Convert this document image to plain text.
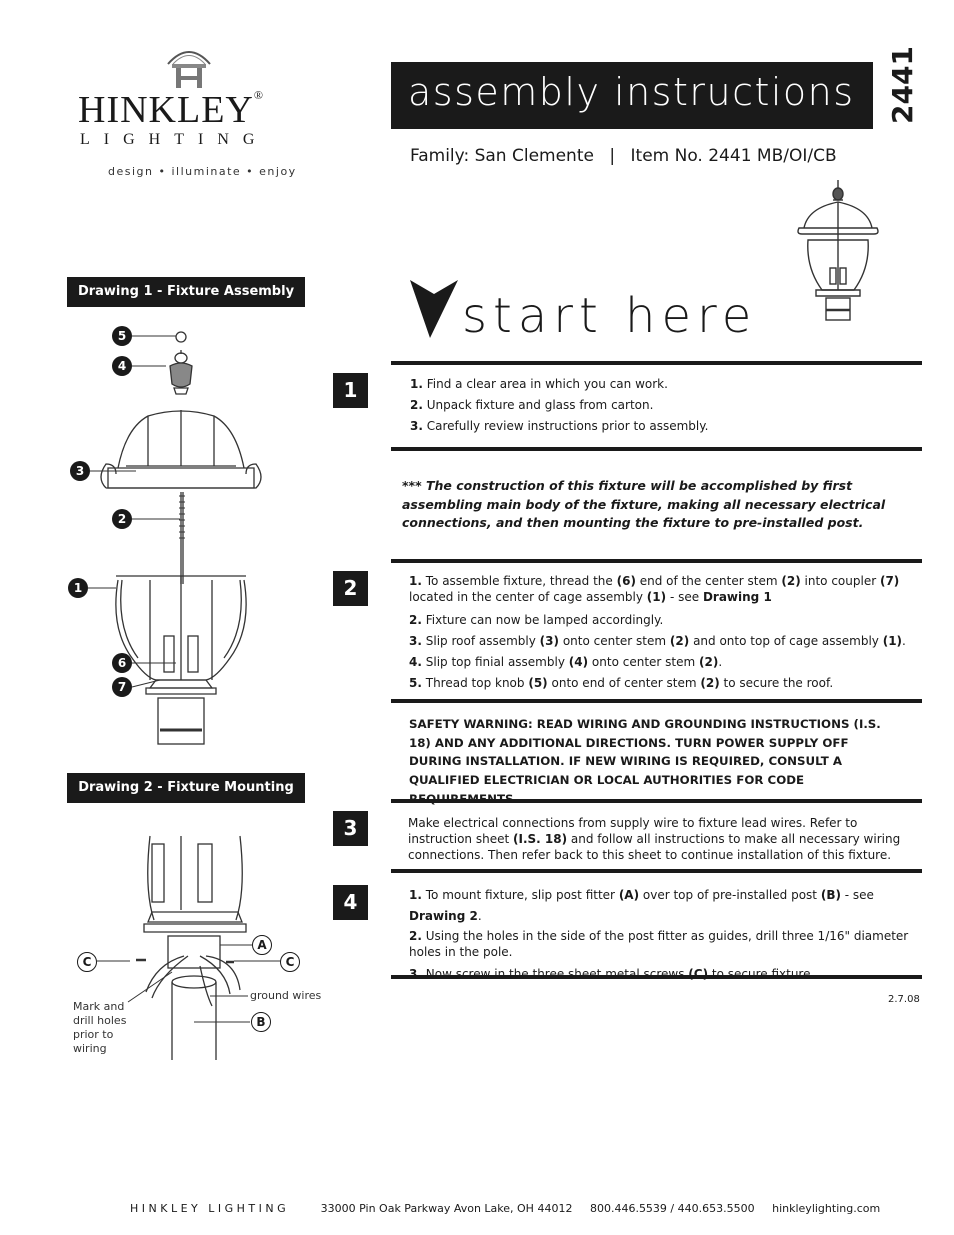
HINKLEY®
LIGHTING
design • illuminate • enjoy
assembly instructions 2441
Family: San Clemente | Item No. 2441 MB/OI/CB
start here
Drawing 1 - Fixture Assembly
5
4
3
2
1
6
7
Drawing 2 - Fixture Mounting
A
C	C
B
ground wires
Mark and
drill holes
prior to
wiring
1	1. Find a clear area in which you can work.
2. Unpack fixture and glass from carton.
3. Carefully review instructions prior to assembly.
*** The construction of this fixture will be accomplished by first assembling main body of the fixture, making all necessary electrical connections, and then mounting the fixture to pre-installed post.
2	1. To assemble fixture, thread the (6) end of the center stem (2) into coupler (7) located in the center of cage assembly (1) - see Drawing 1
2. Fixture can now be lamped accordingly.
3. Slip roof assembly (3) onto center stem (2) and onto top of cage assembly (1).
4. Slip top finial assembly (4) onto center stem (2).
5. Thread top knob (5) onto end of center stem (2) to secure the roof.
SAFETY WARNING: READ WIRING AND GROUNDING INSTRUCTIONS (I.S. 18) AND ANY ADDITIONAL DIRECTIONS. TURN POWER SUPPLY OFF DURING INSTALLATION. IF NEW WIRING IS REQUIRED, CONSULT A QUALIFIED ELECTRICIAN OR LOCAL AUTHORITIES FOR CODE REQUIREMENTS.
3	Make electrical connections from supply wire to fixture lead wires. Refer to instruction sheet (I.S. 18) and follow all instructions to make all necessary wiring connections. Then refer back to this sheet to continue installation of this fixture.
4	1. To mount fixture, slip post fitter (A) over top of pre-installed post (B) - see Drawing 2.
2. Using the holes in the side of the post fitter as guides, drill three 1/16" diameter holes in the pole.
3. Now screw in the three sheet metal screws (C) to secure fixture.
2.7.08
HINKLEY LIGHTING	33000 Pin Oak Parkway Avon Lake, OH 44012 800.446.5539 / 440.653.5500 hinkleylighting.com
